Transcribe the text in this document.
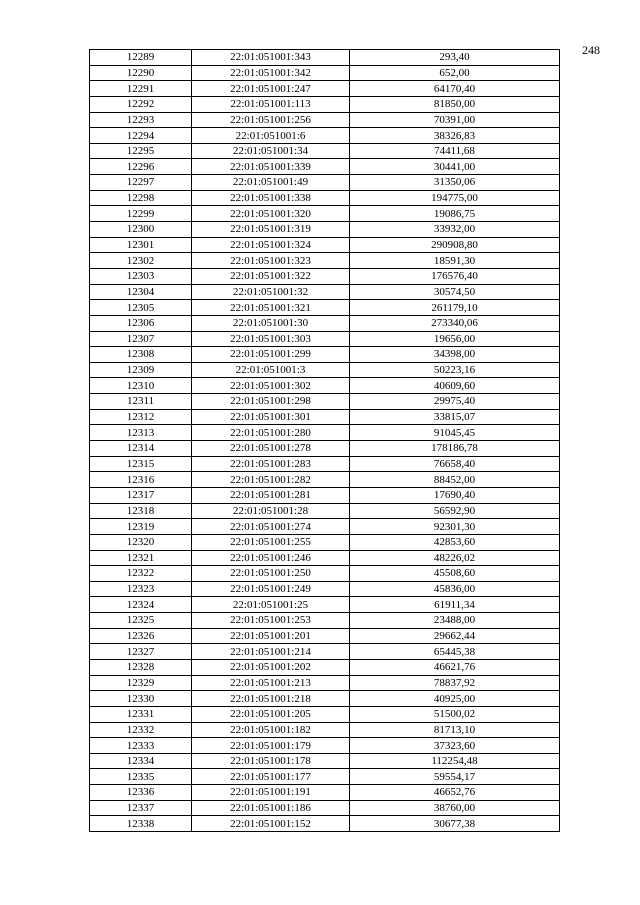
248
12289	22:01:051001:343	293,40
12290	22:01:051001:342	652,00
12291	22:01:051001:247	64170,40
12292	22:01:051001:113	81850,00
12293	22:01:051001:256	70391,00
12294	22:01:051001:6	38326,83
12295	22:01:051001:34	74411,68
12296	22:01:051001:339	30441,00
12297	22:01:051001:49	31350,06
12298	22:01:051001:338	194775,00
12299	22:01:051001:320	19086,75
12300	22:01:051001:319	33932,00
12301	22:01:051001:324	290908,80
12302	22:01:051001:323	18591,30
12303	22:01:051001:322	176576,40
12304	22:01:051001:32	30574,50
12305	22:01:051001:321	261179,10
12306	22:01:051001:30	273340,06
12307	22:01:051001:303	19656,00
12308	22:01:051001:299	34398,00
12309	22:01:051001:3	50223,16
12310	22:01:051001:302	40609,60
12311	22:01:051001:298	29975,40
12312	22:01:051001:301	33815,07
12313	22:01:051001:280	91045,45
12314	22:01:051001:278	178186,78
12315	22:01:051001:283	76658,40
12316	22:01:051001:282	88452,00
12317	22:01:051001:281	17690,40
12318	22:01:051001:28	56592,90
12319	22:01:051001:274	92301,30
12320	22:01:051001:255	42853,60
12321	22:01:051001:246	48226,02
12322	22:01:051001:250	45508,60
12323	22:01:051001:249	45836,00
12324	22:01:051001:25	61911,34
12325	22:01:051001:253	23488,00
12326	22:01:051001:201	29662,44
12327	22:01:051001:214	65445,38
12328	22:01:051001:202	46621,76
12329	22:01:051001:213	78837,92
12330	22:01:051001:218	40925,00
12331	22:01:051001:205	51500,02
12332	22:01:051001:182	81713,10
12333	22:01:051001:179	37323,60
12334	22:01:051001:178	112254,48
12335	22:01:051001:177	59554,17
12336	22:01:051001:191	46652,76
12337	22:01:051001:186	38760,00
12338	22:01:051001:152	30677,38
